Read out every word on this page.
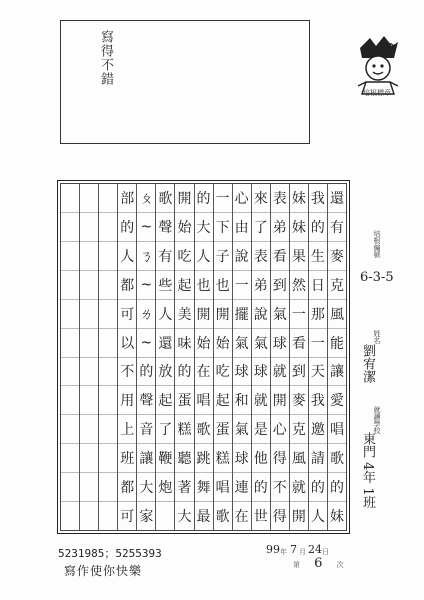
寫得不錯	✿
培根標章
還
有
麥
克
風
能
讓
愛
唱
歌
的
妹
我
的
生
日
那
一
天
我
邀
請
的
人
妹
妹
果
然
一
看
到
麥
克
風
就
開
表
弟
看
到
氣
球
就
開
心
得
不
得
來
了
表
弟
說
氣
球
就
是
他
的
世
心
由
說
一
擺
氣
球
和
氣
球
連
在
一
下
子
也
開
始
吃
起
蛋
糕
唱
歌
的
大
人
也
開
始
在
唱
歌
跳
舞
最
開
始
吃
起
美
味
的
蛋
糕
聽
著
大
歌
聲
有
些
人
還
放
起
了
鞭
炮
ㄆ
~
ㄋ
~
ㄌ
~
的
聲
音
讓
大
家
部
的
人
都
可
以
不
用
上
班
都
可
培根編號
6-3-5
姓名
劉宥潔
就讀學校
東門 4年 1班
5231985；5255393
寫作使你快樂
99 年 7 月 24 日
第 6 次
